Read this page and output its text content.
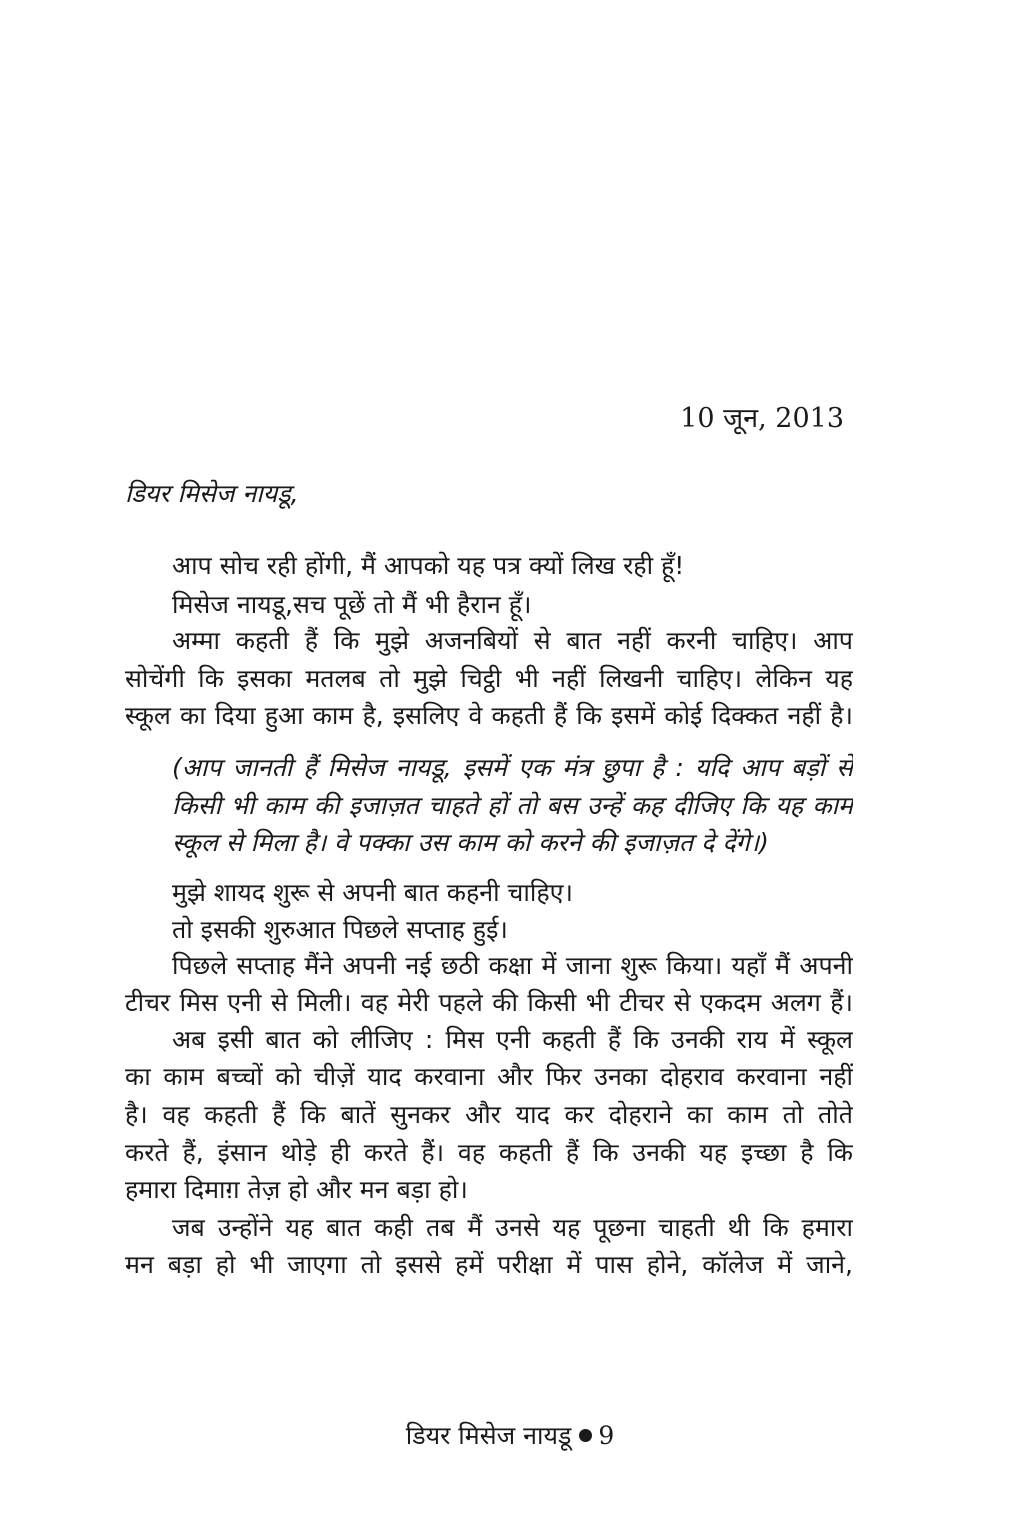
10 जून, 2013
डियर मिसेज नायडू,
आप सोच रही होंगी, मैं आपको यह पत्र क्यों लिख रही हूँ!
मिसेज नायडू,सच पूछें तो मैं भी हैरान हूँ।
अम्मा कहती हैं कि मुझे अजनबियों से बात नहीं करनी चाहिए। आप
सोचेंगी कि इसका मतलब तो मुझे चिट्ठी भी नहीं लिखनी चाहिए। लेकिन यह
स्कूल का दिया हुआ काम है, इसलिए वे कहती हैं कि इसमें कोई दिक्कत नहीं है।
(आप जानती हैं मिसेज नायडू, इसमें एक मंत्र छुपा है : यदि आप बड़ों से
किसी भी काम की इजाज़त चाहते हों तो बस उन्हें कह दीजिए कि यह काम
स्कूल से मिला है। वे पक्का उस काम को करने की इजाज़त दे देंगे।)
मुझे शायद शुरू से अपनी बात कहनी चाहिए।
तो इसकी शुरुआत पिछले सप्ताह हुई।
पिछले सप्ताह मैंने अपनी नई छठी कक्षा में जाना शुरू किया। यहाँ मैं अपनी
टीचर मिस एनी से मिली। वह मेरी पहले की किसी भी टीचर से एकदम अलग हैं।
अब इसी बात को लीजिए : मिस एनी कहती हैं कि उनकी राय में स्कूल
का काम बच्चों को चीज़ें याद करवाना और फिर उनका दोहराव करवाना नहीं
है। वह कहती हैं कि बातें सुनकर और याद कर दोहराने का काम तो तोते
करते हैं, इंसान थोड़े ही करते हैं। वह कहती हैं कि उनकी यह इच्छा है कि
हमारा दिमाग़ तेज़ हो और मन बड़ा हो।
जब उन्होंने यह बात कही तब मैं उनसे यह पूछना चाहती थी कि हमारा
मन बड़ा हो भी जाएगा तो इससे हमें परीक्षा में पास होने, कॉलेज में जाने,
डियर मिसेज नायडू 9
